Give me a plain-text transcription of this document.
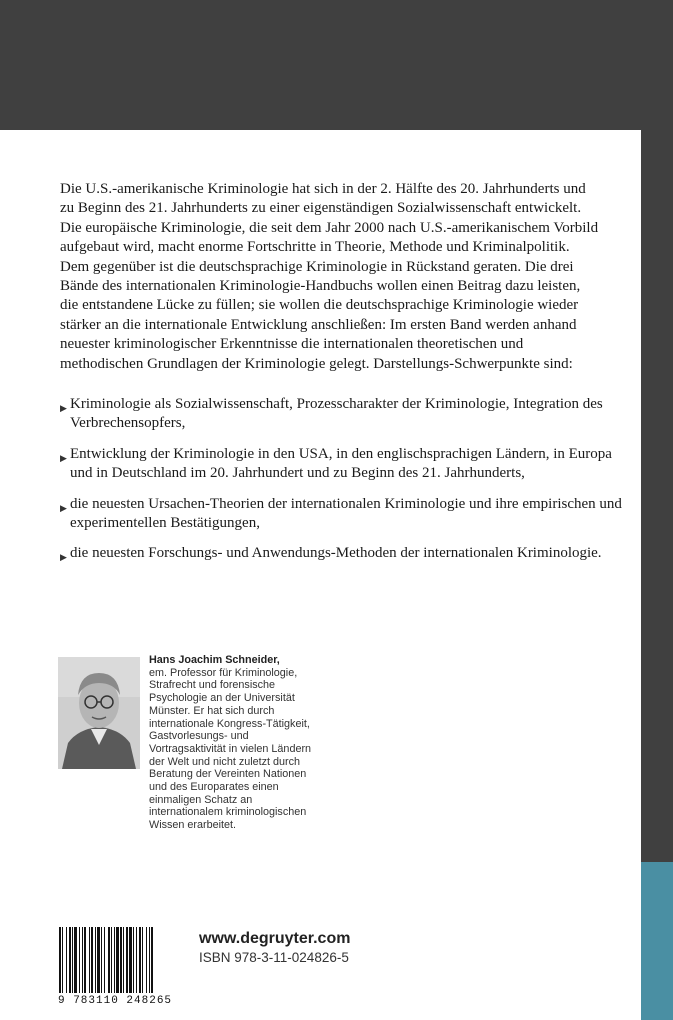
Die U.S.-amerikanische Kriminologie hat sich in der 2. Hälfte des 20. Jahrhunderts und zu Beginn des 21. Jahrhunderts zu einer eigenständigen Sozialwissenschaft entwickelt. Die europäische Kriminologie, die seit dem Jahr 2000 nach U.S.-amerikanischem Vorbild aufgebaut wird, macht enorme Fortschritte in Theorie, Methode und Kriminalpolitik. Dem gegenüber ist die deutschsprachige Kriminologie in Rückstand geraten. Die drei Bände des internationalen Kriminologie-Handbuchs wollen einen Beitrag dazu leisten, die entstandene Lücke zu füllen; sie wollen die deutschsprachige Kriminologie wieder stärker an die internationale Entwicklung anschließen: Im ersten Band werden anhand neuester kriminologischer Erkenntnisse die internationalen theoretischen und methodischen Grundlagen der Kriminologie gelegt. Darstellungs-Schwerpunkte sind:

▶ Kriminologie als Sozialwissenschaft, Prozesscharakter der Kriminologie, Integration des Verbrechensopfers,
▶ Entwicklung der Kriminologie in den USA, in den englischsprachigen Ländern, in Europa und in Deutschland im 20. Jahrhundert und zu Beginn des 21. Jahrhunderts,
▶ die neuesten Ursachen-Theorien der internationalen Kriminologie und ihre empirischen und experimentellen Bestätigungen,
▶ die neuesten Forschungs- und Anwendungs-Methoden der internationalen Kriminologie.
Hans Joachim Schneider,
em. Professor für Kriminologie, Strafrecht und forensische Psychologie an der Universität Münster. Er hat sich durch internationale Kongress-Tätigkeit, Gastvorlesungs- und Vortragsaktivität in vielen Ländern der Welt und nicht zuletzt durch Beratung der Vereinten Nationen und des Europarates einen einmaligen Schatz an internationalem kriminologischen Wissen erarbeitet.
9 783110 248265
www.degruyter.com
ISBN 978-3-11-024826-5
